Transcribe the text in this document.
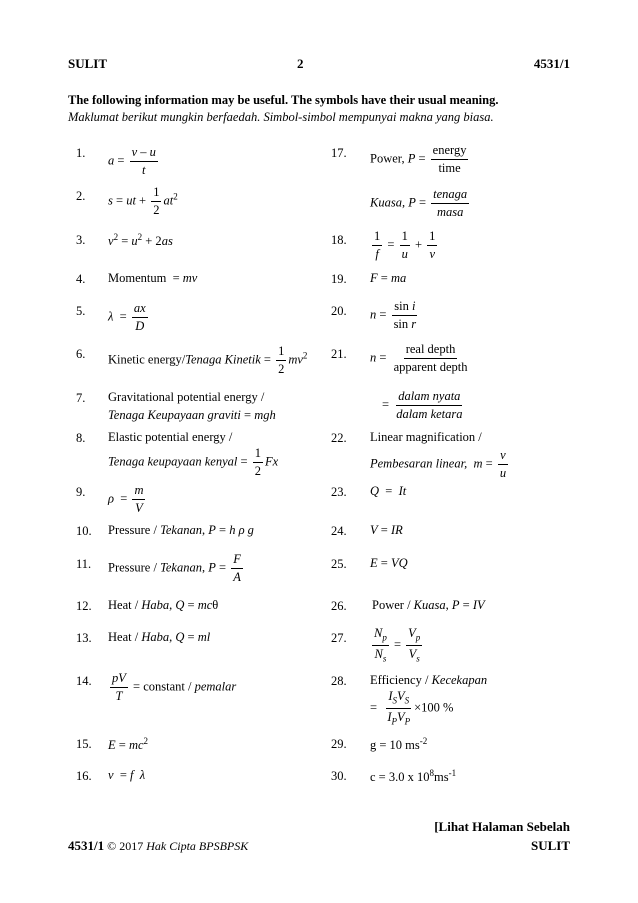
SULIT	2	4531/1
The following information may be useful. The symbols have their usual meaning.
Maklumat berikut mungkin berfaedah. Simbol-simbol mempunyai makna yang biasa.
1.
2.
3.
4.
5.
6.
7.
8.
9.
10.
11.
12.
13.
14.
15.
16.
$a = \frac{v - u}{t}$
s = ut + $\frac{1}{2} at^2$
$v^2 = u^2 + 2as$
Momentum  = mv
$\lambda = \frac{ax}{D}$
Kinetic energy/Tenaga Kinetik = $\frac{1}{2} mv^2$
Gravitational potential energy /
Tenaga Keupayaan graviti = mgh
Elastic potential energy /
Tenaga keupayaan kenyal = $\frac{1}{2}$ Fx
$\rho = \frac{m}{V}$
Pressure / Tekanan, P = h ρ g
Pressure / Tekanan, $P = \frac{F}{A}$
Heat / Haba, Q = mcθ
Heat / Haba, Q = ml
$\frac{pV}{T}$ = constant / pemalar
$E = mc^2$
v  = f λ
17.
18.
19.
20.
21.
22.
23.
24.
25.
26.
27.
28.
29.
30.
Power, $P = \frac{\text{energy}}{\text{time}}$
Kuasa, $P = \frac{\text{tenaga}}{\text{masa}}$
$\frac{1}{f} = \frac{1}{u} + \frac{1}{v}$
F = ma
$n = \frac{\text{sin i}}{\text{sin r}}$
$n = \frac{\text{real depth}}{\text{apparent depth}}$
= $\frac{\text{dalam nyata}}{\text{dalam ketara}}$
Linear magnification /
Pembesaran linear, $m = \frac{v}{u}$
Q  =  It
V = IR
E = VQ
Power / Kuasa, P = IV
$\frac{N_p}{N_s} = \frac{V_p}{V_s}$
Efficiency / Kecekapan
= $\frac{I_SV_S}{I_PV_P} \times 100$ %
g = 10 $ms^{-2}$
c = 3.0 x $10^8ms^{-1}$
[Lihat Halaman Sebelah
4531/1 © 2017 Hak Cipta BPSBPSK	SULIT
